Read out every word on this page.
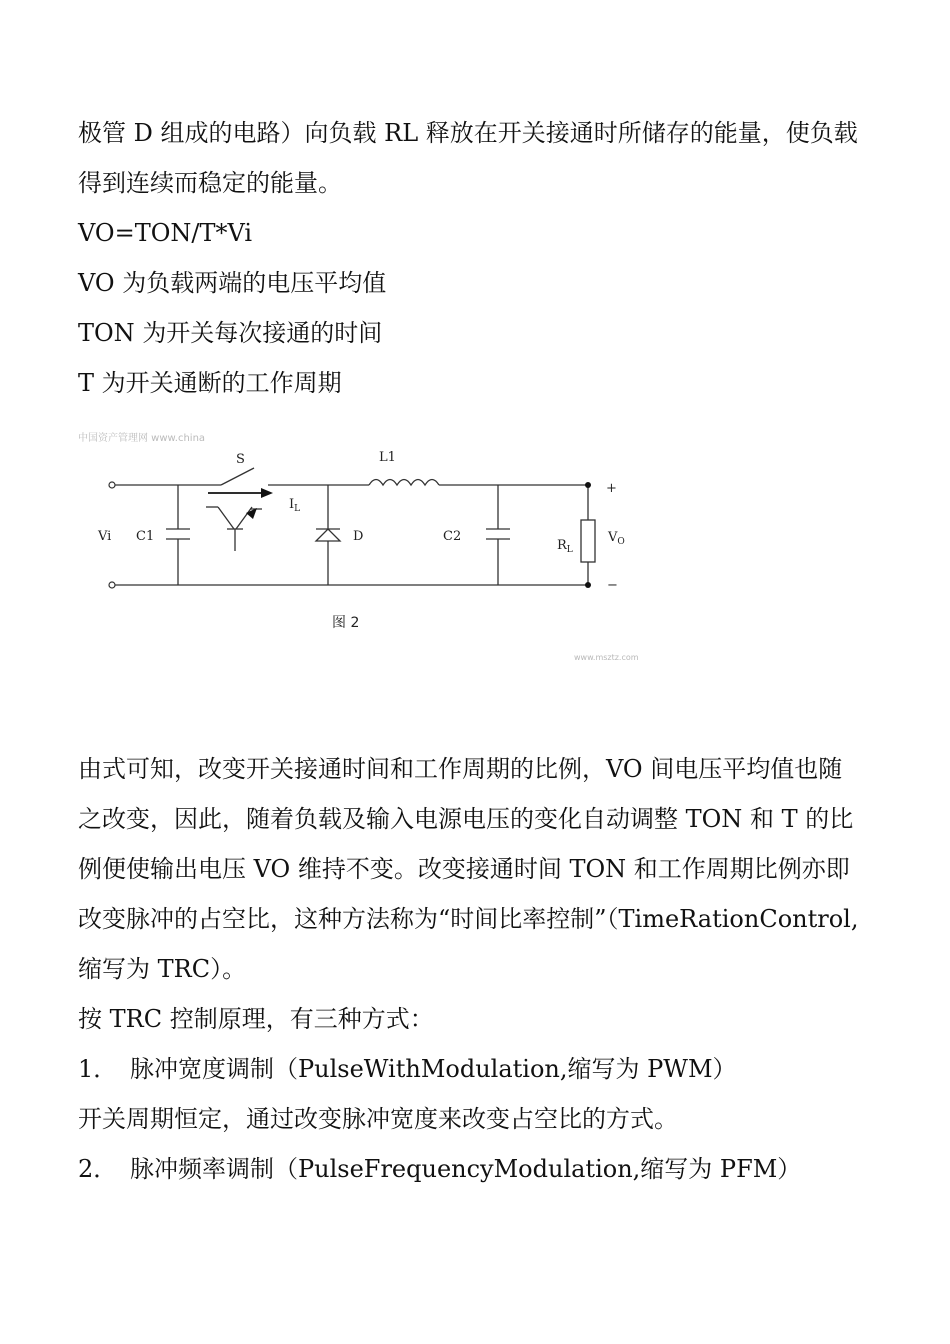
极管 D 组成的电路）向负载 RL 释放在开关接通时所储存的能量，使负载

得到连续而稳定的能量。

VO=TON/T*Vi

VO 为负载两端的电压平均值

TON 为开关每次接通的时间

T 为开关通断的工作周期

中国资产管理网 www.china
S	L1
$I_L$
Vi C1	D	C2
$R_L$
$V_O$
+
−
图 2
www.msztz.com

由式可知，改变开关接通时间和工作周期的比例，VO 间电压平均值也随

之改变，因此，随着负载及输入电源电压的变化自动调整 TON 和 T 的比

例便使输出电压 VO 维持不变。改变接通时间 TON 和工作周期比例亦即

改变脉冲的占空比，这种方法称为“时间比率控制”（TimeRationControl,

缩写为 TRC）。

按 TRC 控制原理，有三种方式：

1． 脉冲宽度调制（PulseWithModulation,缩写为 PWM）

开关周期恒定，通过改变脉冲宽度来改变占空比的方式。

2． 脉冲频率调制（PulseFrequencyModulation,缩写为 PFM）
